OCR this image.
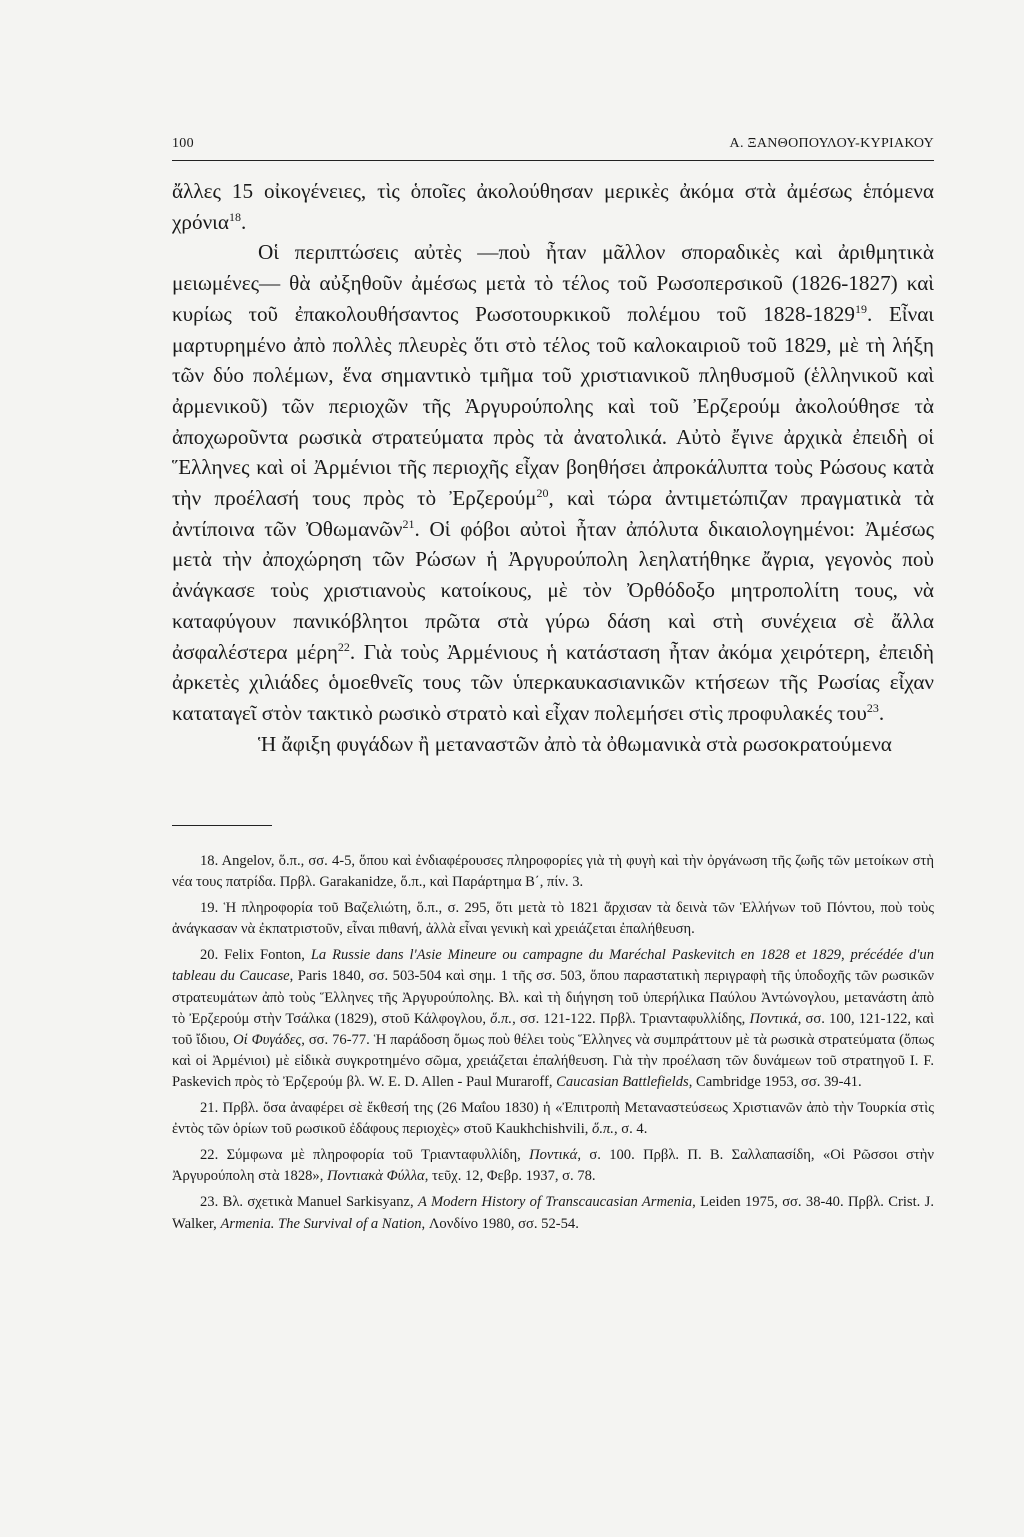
100	Α. ΞΑΝΘΟΠΟΥΛΟΥ-ΚΥΡΙΑΚΟΥ

ἄλλες 15 οἰκογένειες, τὶς ὁποῖες ἀκολούθησαν μερικὲς ἀκόμα στὰ ἀμέσως ἑπόμενα χρόνια$^{18}$.

Οἱ περιπτώσεις αὐτὲς —ποὺ ἦταν μᾶλλον σποραδικὲς καὶ ἀριθμητικὰ μειωμένες— θὰ αὐξηθοῦν ἀμέσως μετὰ τὸ τέλος τοῦ Ρωσοπερσικοῦ (1826-1827) καὶ κυρίως τοῦ ἐπακολουθήσαντος Ρωσοτουρκικοῦ πολέμου τοῦ 1828-1829$^{19}$. Εἶναι μαρτυρημένο ἀπὸ πολλὲς πλευρὲς ὅτι στὸ τέλος τοῦ καλοκαιριοῦ τοῦ 1829, μὲ τὴ λήξη τῶν δύο πολέμων, ἕνα σημαντικὸ τμῆμα τοῦ χριστιανικοῦ πληθυσμοῦ (ἑλληνικοῦ καὶ ἀρμενικοῦ) τῶν περιοχῶν τῆς Ἀργυρούπολης καὶ τοῦ Ἐρζερούμ ἀκολούθησε τὰ ἀποχωροῦντα ρωσικὰ στρατεύματα πρὸς τὰ ἀνατολικά. Αὐτὸ ἔγινε ἀρχικὰ ἐπειδὴ οἱ Ἕλληνες καὶ οἱ Ἀρμένιοι τῆς περιοχῆς εἶχαν βοηθήσει ἀπροκάλυπτα τοὺς Ρώσους κατὰ τὴν προέλασή τους πρὸς τὸ Ἐρζερούμ$^{20}$, καὶ τώρα ἀντιμετώπιζαν πραγματικὰ τὰ ἀντίποινα τῶν Ὀθωμανῶν$^{21}$. Οἱ φόβοι αὐτοὶ ἦταν ἀπόλυτα δικαιολογημένοι: Ἀμέσως μετὰ τὴν ἀποχώρηση τῶν Ρώσων ἡ Ἀργυρούπολη λεηλατήθηκε ἄγρια, γεγονὸς ποὺ ἀνάγκασε τοὺς χριστιανοὺς κατοίκους, μὲ τὸν Ὀρθόδοξο μητροπολίτη τους, νὰ καταφύγουν πανικόβλητοι πρῶτα στὰ γύρω δάση καὶ στὴ συνέχεια σὲ ἄλλα ἀσφαλέστερα μέρη$^{22}$. Γιὰ τοὺς Ἀρμένιους ἡ κατάσταση ἦταν ἀκόμα χειρότερη, ἐπειδὴ ἀρκετὲς χιλιάδες ὁμοεθνεῖς τους τῶν ὑπερκαυκασιανικῶν κτήσεων τῆς Ρωσίας εἶχαν καταταγεῖ στὸν τακτικὸ ρωσικὸ στρατὸ καὶ εἶχαν πολεμήσει στὶς προφυλακές του$^{23}$.

Ἡ ἄφιξη φυγάδων ἢ μεταναστῶν ἀπὸ τὰ ὀθωμανικὰ στὰ ρωσοκρατούμενα

18. Angelov, ὅ.π., σσ. 4-5, ὅπου καὶ ἐνδιαφέρουσες πληροφορίες γιὰ τὴ φυγὴ καὶ τὴν ὀργάνωση τῆς ζωῆς τῶν μετοίκων στὴ νέα τους πατρίδα. Πρβλ. Garakanidze, ὅ.π., καὶ Παράρτημα Β΄, πίν. 3.

19. Ἡ πληροφορία τοῦ Βαζελιώτη, ὅ.π., σ. 295, ὅτι μετὰ τὸ 1821 ἄρχισαν τὰ δεινὰ τῶν Ἑλλήνων τοῦ Πόντου, ποὺ τοὺς ἀνάγκασαν νὰ ἐκπατριστοῦν, εἶναι πιθανή, ἀλλὰ εἶναι γενικὴ καὶ χρειάζεται ἐπαλήθευση.

20. Felix Fonton, La Russie dans l'Asie Mineure ou campagne du Maréchal Paskevitch en 1828 et 1829, précédée d'un tableau du Caucase, Paris 1840, σσ. 503-504 καὶ σημ. 1 τῆς σσ. 503, ὅπου παραστατικὴ περιγραφὴ τῆς ὑποδοχῆς τῶν ρωσικῶν στρατευμάτων ἀπὸ τοὺς Ἕλληνες τῆς Ἀργυρούπολης. Βλ. καὶ τὴ διήγηση τοῦ ὑπερήλικα Παύλου Ἀντώνογλου, μετανάστη ἀπὸ τὸ Ἐρζερούμ στὴν Τσάλκα (1829), στοῦ Κάλφογλου, ὅ.π., σσ. 121-122. Πρβλ. Τριανταφυλλίδης, Ποντικά, σσ. 100, 121-122, καὶ τοῦ ἴδιου, Οἱ Φυγάδες, σσ. 76-77. Ἡ παράδοση ὅμως ποὺ θέλει τοὺς Ἕλληνες νὰ συμπράττουν μὲ τὰ ρωσικὰ στρατεύματα (ὅπως καὶ οἱ Ἀρμένιοι) μὲ εἰδικὰ συγκροτημένο σῶμα, χρειάζεται ἐπαλήθευση. Γιὰ τὴν προέλαση τῶν δυνάμεων τοῦ στρατηγοῦ I. F. Paskevich πρὸς τὸ Ἐρζερούμ βλ. W. E. D. Allen - Paul Muraroff, Caucasian Battlefields, Cambridge 1953, σσ. 39-41.

21. Πρβλ. ὅσα ἀναφέρει σὲ ἔκθεσή της (26 Μαΐου 1830) ἡ «Ἐπιτροπὴ Μεταναστεύσεως Χριστιανῶν ἀπὸ τὴν Τουρκία στὶς ἐντὸς τῶν ὁρίων τοῦ ρωσικοῦ ἐδάφους περιοχὲς» στοῦ Kaukhchishvili, ὅ.π., σ. 4.

22. Σύμφωνα μὲ πληροφορία τοῦ Τριανταφυλλίδη, Ποντικά, σ. 100. Πρβλ. Π. Β. Σαλλαπασίδη, «Οἱ Ρῶσσοι στὴν Ἀργυρούπολη στὰ 1828», Ποντιακὰ Φύλλα, τεῦχ. 12, Φεβρ. 1937, σ. 78.

23. Βλ. σχετικὰ Manuel Sarkisyanz, A Modern History of Transcaucasian Armenia, Leiden 1975, σσ. 38-40. Πρβλ. Crist. J. Walker, Armenia. The Survival of a Nation, Λονδίνο 1980, σσ. 52-54.
